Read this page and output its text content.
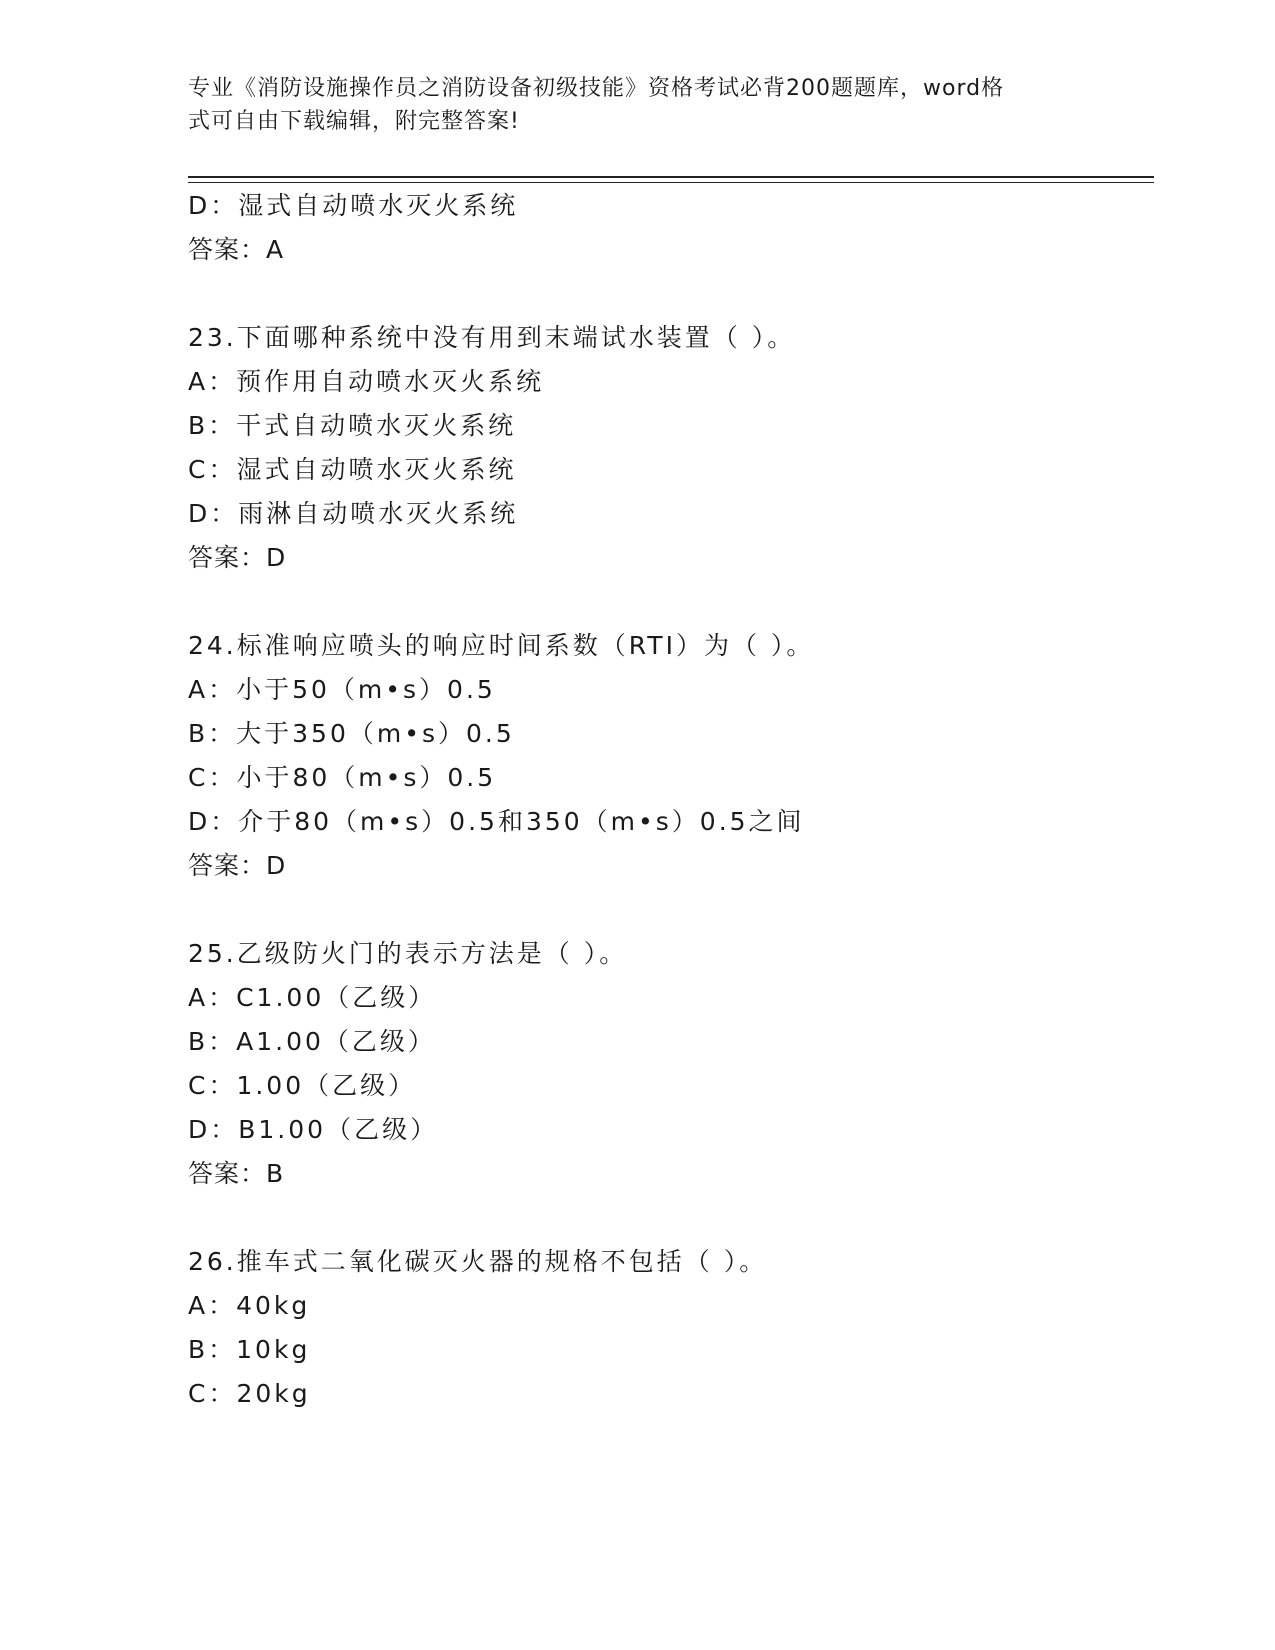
专业《消防设施操作员之消防设备初级技能》资格考试必背200题题库，word格
式可自由下载编辑，附完整答案!
D：湿式自动喷水灭火系统
答案：A
23.下面哪种系统中没有用到末端试水装置（ ）。
A：预作用自动喷水灭火系统
B：干式自动喷水灭火系统
C：湿式自动喷水灭火系统
D：雨淋自动喷水灭火系统
答案：D
24.标准响应喷头的响应时间系数（RTI）为（ ）。
A：小于50（m•s）0.5
B：大于350（m•s）0.5
C：小于80（m•s）0.5
D：介于80（m•s）0.5和350（m•s）0.5之间
答案：D
25.乙级防火门的表示方法是（ ）。
A：C1.00（乙级）
B：A1.00（乙级）
C：1.00（乙级）
D：B1.00（乙级）
答案：B
26.推车式二氧化碳灭火器的规格不包括（ ）。
A：40kg
B：10kg
C：20kg
